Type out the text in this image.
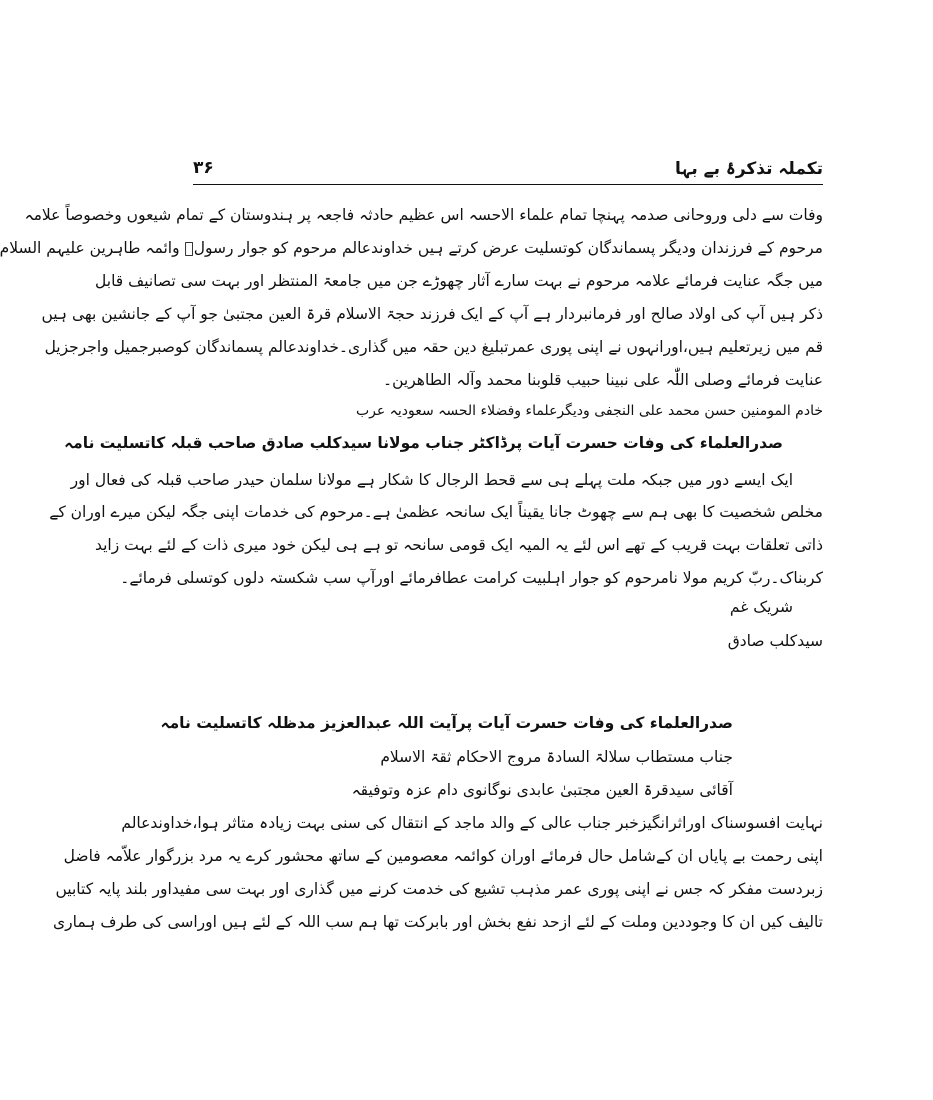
تکملہ تذکرۂ بے بہا
۳۶
وفات سے دلی وروحانی صدمہ پہنچا تمام علماء الاحسہ اس عظیم حادثہ فاجعہ پر ہندوستان کے تمام شیعوں وخصوصاً علامہ
مرحوم کے فرزندان ودیگر پسماندگان کوتسلیت عرض کرتے ہیں خداوندعالم مرحوم کو جوار رسولؐ وائمہ طاہرین علیہم السلام
میں جگہ عنایت فرمائے علامہ مرحوم نے بہت سارے آثار چھوڑے جن میں جامعۃ المنتظر اور بہت سی تصانیف قابل
ذکر ہیں آپ کی اولاد صالح اور فرمانبردار ہے آپ کے ایک فرزند حجۃ الاسلام قرۃ العین مجتبیٰ جو آپ کے جانشین بھی ہیں
قم میں زیرتعلیم ہیں،اورانہوں نے اپنی پوری عمرتبلیغ دین حقہ میں گذاری۔خداوندعالم پسماندگان کوصبرجمیل واجرجزیل
عنایت فرمائے وصلی اللّٰہ علی نبینا حبیب قلوبنا محمد وآلہ الطاھرین۔
خادم المومنین حسن محمد علی النجفی ودیگرعلماء وفضلاء الحسہ سعودیہ عرب
صدرالعلماء کی وفات حسرت آیات پرڈاکٹر جناب مولانا سیدکلب صادق صاحب قبلہ کاتسلیت نامہ
ایک ایسے دور میں جبکہ ملت پہلے ہی سے قحط الرجال کا شکار ہے مولانا سلمان حیدر صاحب قبلہ کی فعال اور
مخلص شخصیت کا بھی ہم سے چھوٹ جانا یقیناً ایک سانحہ عظمیٰ ہے۔مرحوم کی خدمات اپنی جگہ لیکن میرے اوران کے
ذاتی تعلقات بہت قریب کے تھے اس لئے یہ المیہ ایک قومی سانحہ تو ہے ہی لیکن خود میری ذات کے لئے بہت زاید
کربناک۔ربّ کریم مولا نامرحوم کو جوار اہلبیت کرامت عطافرمائے اورآپ سب شکستہ دلوں کوتسلی فرمائے۔
شریک غم
سیدکلب صادق
صدرالعلماء کی وفات حسرت آیات پرآیت اللہ عبدالعزیز مدظلہ کاتسلیت نامہ
جناب مستطاب سلالۃ السادۃ مروج الاحکام ثقۃ الاسلام
آقائی سیدقرۃ العین مجتبیٰ عابدی نوگانوی دام عزہ وتوفیقہ
نہایت افسوسناک اوراثرانگیزخبر جناب عالی کے والد ماجد کے انتقال کی سنی بہت زیادہ متاثر ہوا،خداوندعالم
اپنی رحمت بے پایاں ان کےشامل حال فرمائے اوران کوائمہ معصومین کے ساتھ محشور کرے یہ مرد بزرگوار علاّمہ فاضل
زبردست مفکر کہ جس نے اپنی پوری عمر مذہب تشیع کی خدمت کرنے میں گذاری اور بہت سی مفیداور بلند پایہ کتابیں
تالیف کیں ان کا وجوددین وملت کے لئے ازحد نفع بخش اور بابرکت تھا ہم سب اللہ کے لئے ہیں اوراسی کی طرف ہماری
